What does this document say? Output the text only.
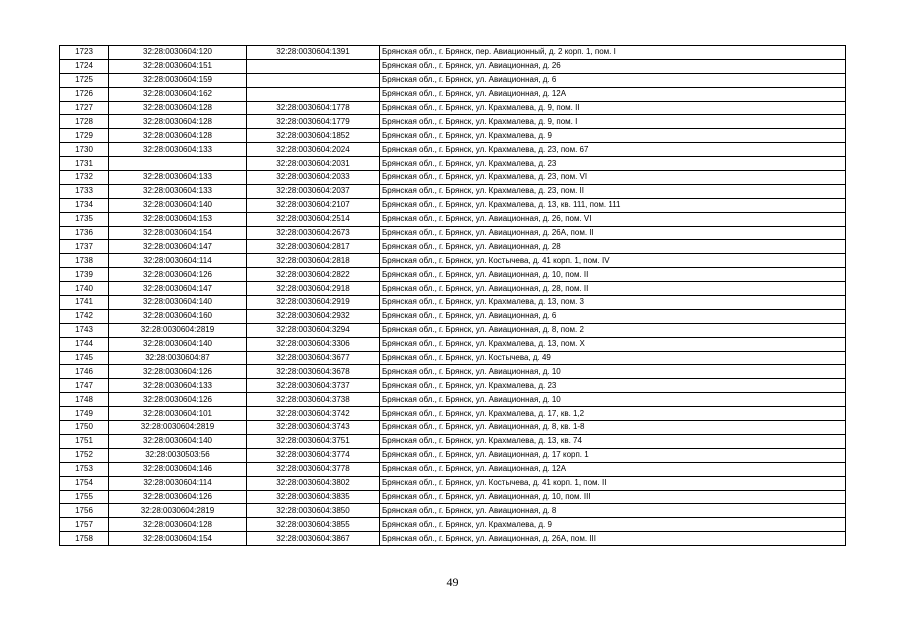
1723	32:28:0030604:120	32:28:0030604:1391	Брянская обл., г. Брянск, пер. Авиационный, д. 2 корп. 1, пом. I
1724	32:28:0030604:151		Брянская обл., г. Брянск, ул. Авиационная, д. 26
1725	32:28:0030604:159		Брянская обл., г. Брянск, ул. Авиационная, д. 6
1726	32:28:0030604:162		Брянская обл., г. Брянск, ул. Авиационная, д. 12А
1727	32:28:0030604:128	32:28:0030604:1778	Брянская обл., г. Брянск, ул. Крахмалева, д. 9, пом. II
1728	32:28:0030604:128	32:28:0030604:1779	Брянская обл., г. Брянск, ул. Крахмалева, д. 9, пом. I
1729	32:28:0030604:128	32:28:0030604:1852	Брянская обл., г. Брянск, ул. Крахмалева, д. 9
1730	32:28:0030604:133	32:28:0030604:2024	Брянская обл., г. Брянск, ул. Крахмалева, д. 23, пом. 67
1731		32:28:0030604:2031	Брянская обл., г. Брянск, ул. Крахмалева, д. 23
1732	32:28:0030604:133	32:28:0030604:2033	Брянская обл., г. Брянск, ул. Крахмалева, д. 23, пом. VI
1733	32:28:0030604:133	32:28:0030604:2037	Брянская обл., г. Брянск, ул. Крахмалева, д. 23, пом. II
1734	32:28:0030604:140	32:28:0030604:2107	Брянская обл., г. Брянск, ул. Крахмалева, д. 13, кв. 111, пом. 111
1735	32:28:0030604:153	32:28:0030604:2514	Брянская обл., г. Брянск, ул. Авиационная, д. 26, пом. VI
1736	32:28:0030604:154	32:28:0030604:2673	Брянская обл., г. Брянск, ул. Авиационная, д. 26А, пом. II
1737	32:28:0030604:147	32:28:0030604:2817	Брянская обл., г. Брянск, ул. Авиационная, д. 28
1738	32:28:0030604:114	32:28:0030604:2818	Брянская обл., г. Брянск, ул. Костычева, д. 41 корп. 1, пом. IV
1739	32:28:0030604:126	32:28:0030604:2822	Брянская обл., г. Брянск, ул. Авиационная, д. 10, пом. II
1740	32:28:0030604:147	32:28:0030604:2918	Брянская обл., г. Брянск, ул. Авиационная, д. 28, пом. II
1741	32:28:0030604:140	32:28:0030604:2919	Брянская обл., г. Брянск, ул. Крахмалева, д. 13, пом. 3
1742	32:28:0030604:160	32:28:0030604:2932	Брянская обл., г. Брянск, ул. Авиационная, д. 6
1743	32:28:0030604:2819	32:28:0030604:3294	Брянская обл., г. Брянск, ул. Авиационная, д. 8, пом. 2
1744	32:28:0030604:140	32:28:0030604:3306	Брянская обл., г. Брянск, ул. Крахмалева, д. 13, пом. X
1745	32:28:0030604:87	32:28:0030604:3677	Брянская обл., г. Брянск, ул. Костычева, д. 49
1746	32:28:0030604:126	32:28:0030604:3678	Брянская обл., г. Брянск, ул. Авиационная, д. 10
1747	32:28:0030604:133	32:28:0030604:3737	Брянская обл., г. Брянск, ул. Крахмалева, д. 23
1748	32:28:0030604:126	32:28:0030604:3738	Брянская обл., г. Брянск, ул. Авиационная, д. 10
1749	32:28:0030604:101	32:28:0030604:3742	Брянская обл., г. Брянск, ул. Крахмалева, д. 17, кв. 1,2
1750	32:28:0030604:2819	32:28:0030604:3743	Брянская обл., г. Брянск, ул. Авиационная, д. 8, кв. 1-8
1751	32:28:0030604:140	32:28:0030604:3751	Брянская обл., г. Брянск, ул. Крахмалева, д. 13, кв. 74
1752	32:28:0030503:56	32:28:0030604:3774	Брянская обл., г. Брянск, ул. Авиационная, д. 17 корп. 1
1753	32:28:0030604:146	32:28:0030604:3778	Брянская обл., г. Брянск, ул. Авиационная, д. 12А
1754	32:28:0030604:114	32:28:0030604:3802	Брянская обл., г. Брянск, ул. Костычева, д. 41 корп. 1, пом. II
1755	32:28:0030604:126	32:28:0030604:3835	Брянская обл., г. Брянск, ул. Авиационная, д. 10, пом. III
1756	32:28:0030604:2819	32:28:0030604:3850	Брянская обл., г. Брянск, ул. Авиационная, д. 8
1757	32:28:0030604:128	32:28:0030604:3855	Брянская обл., г. Брянск, ул. Крахмалева, д. 9
1758	32:28:0030604:154	32:28:0030604:3867	Брянская обл., г. Брянск, ул. Авиационная, д. 26А, пом. III
49
